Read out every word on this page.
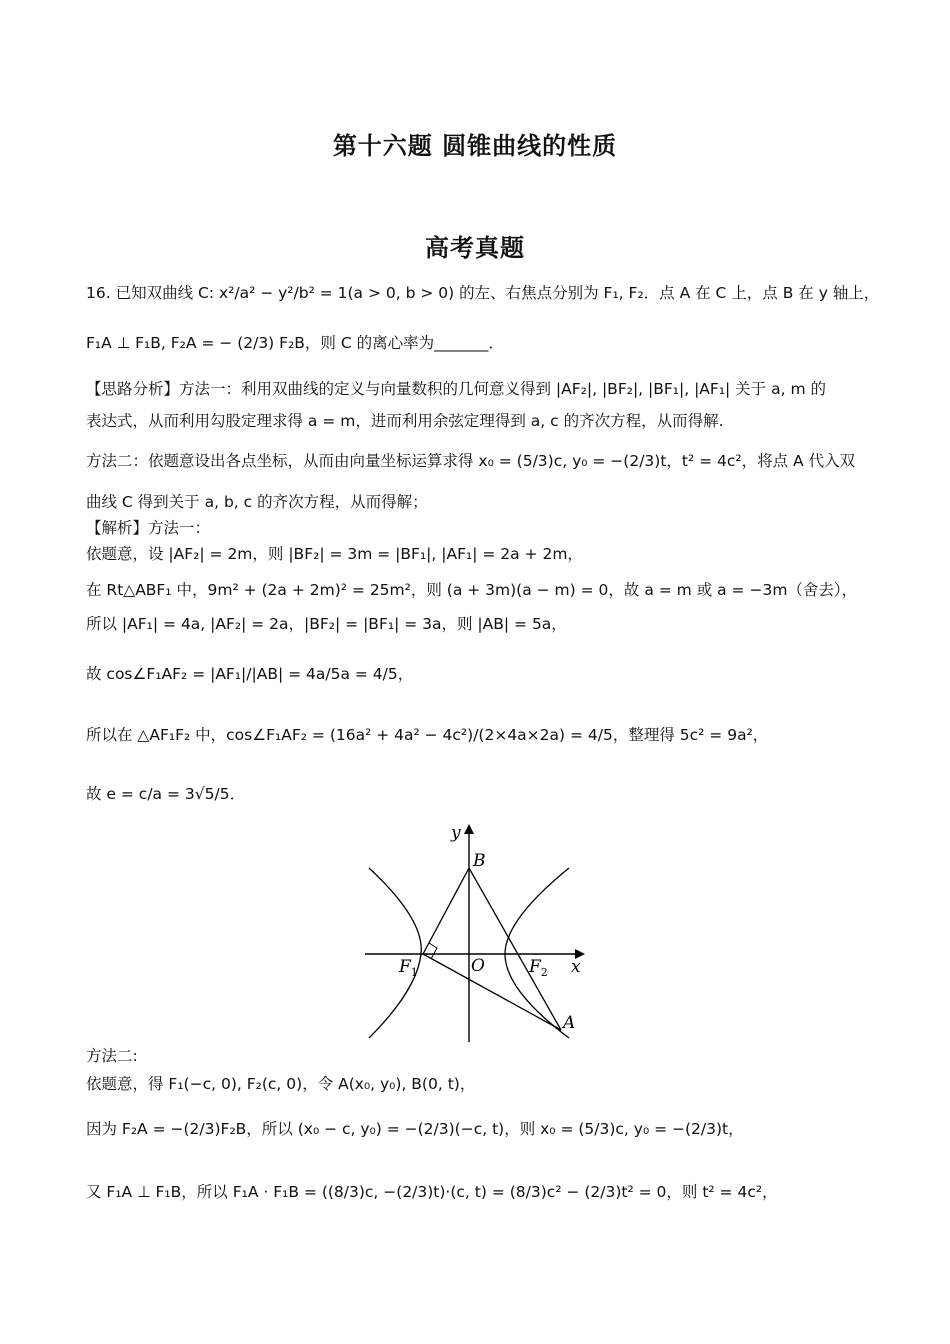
第十六题 圆锥曲线的性质
高考真题
16. 已知双曲线 C: x²/a² − y²/b² = 1(a > 0, b > 0) 的左、右焦点分别为 F₁, F₂．点 A 在 C 上，点 B 在 y 轴上，
F₁A ⊥ F₁B, F₂A = − (2/3) F₂B，则 C 的离心率为_______．
【思路分析】方法一：利用双曲线的定义与向量数积的几何意义得到 |AF₂|, |BF₂|, |BF₁|, |AF₁| 关于 a, m 的
表达式，从而利用勾股定理求得 a = m，进而利用余弦定理得到 a, c 的齐次方程，从而得解.
方法二：依题意设出各点坐标，从而由向量坐标运算求得 x₀ = (5/3)c, y₀ = −(2/3)t，t² = 4c²，将点 A 代入双
曲线 C 得到关于 a, b, c 的齐次方程，从而得解；
【解析】方法一：
依题意，设 |AF₂| = 2m，则 |BF₂| = 3m = |BF₁|, |AF₁| = 2a + 2m，
在 Rt△ABF₁ 中，9m² + (2a + 2m)² = 25m²，则 (a + 3m)(a − m) = 0，故 a = m 或 a = −3m（舍去），
所以 |AF₁| = 4a, |AF₂| = 2a，|BF₂| = |BF₁| = 3a，则 |AB| = 5a，
故 cos∠F₁AF₂ = |AF₁|/|AB| = 4a/5a = 4/5，
所以在 △AF₁F₂ 中，cos∠F₁AF₂ = (16a² + 4a² − 4c²)/(2×4a×2a) = 4/5，整理得 5c² = 9a²，
故 e = c/a = 3√5/5．
y
B
O
$F_1$	$F_2$ x
A
方法二:
依题意，得 F₁(−c, 0), F₂(c, 0)，令 A(x₀, y₀), B(0, t)，
因为 F₂A = −(2/3)F₂B，所以 (x₀ − c, y₀) = −(2/3)(−c, t)，则 x₀ = (5/3)c, y₀ = −(2/3)t，
又 F₁A ⊥ F₁B，所以 F₁A · F₁B = ((8/3)c, −(2/3)t)·(c, t) = (8/3)c² − (2/3)t² = 0，则 t² = 4c²，
